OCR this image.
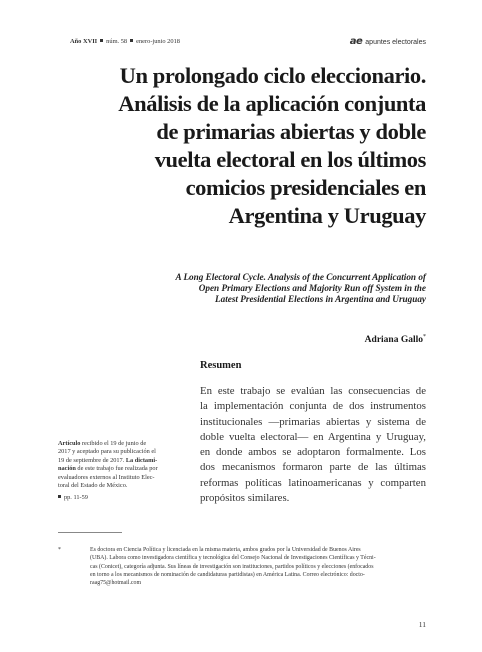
Año XVII núm. 58 enero-junio 2018	ae apuntes electorales
Un prolongado ciclo eleccionario.
Análisis de la aplicación conjunta
de primarias abiertas y doble
vuelta electoral en los últimos
comicios presidenciales en
Argentina y Uruguay

A Long Electoral Cycle. Analysis of the Concurrent Application of
Open Primary Elections and Majority Run off System in the
Latest Presidential Elections in Argentina and Uruguay

Adriana Gallo*
Resumen

En este trabajo se evalúan las consecuencias de
la implementación conjunta de dos instrumentos
institucionales —primarias abiertas y sistema de
doble vuelta electoral— en Argentina y Uruguay,
en donde ambos se adoptaron formalmente. Los
dos mecanismos formaron parte de las últimas
reformas políticas latinoamericanas y comparten
propósitos similares.

Artículo recibido el 19 de junio de
2017 y aceptado para su publicación el
19 de septiembre de 2017. La dictami-
nación de este trabajo fue realizada por
evaluadores externos al Instituto Elec-
toral del Estado de México.
pp. 11-59

*	Es doctora en Ciencia Política y licenciada en la misma materia, ambos grados por la Universidad de Buenos Aires
(UBA). Labora como investigadora científica y tecnológica del Consejo Nacional de Investigaciones Científicas y Técni-
cas (Conicet), categoría adjunta. Sus líneas de investigación son instituciones, partidos políticos y elecciones (enfocados
en torno a los mecanismos de nominación de candidaturas partidistas) en América Latina. Correo electrónico: docto-
raag75@hotmail.com
11
